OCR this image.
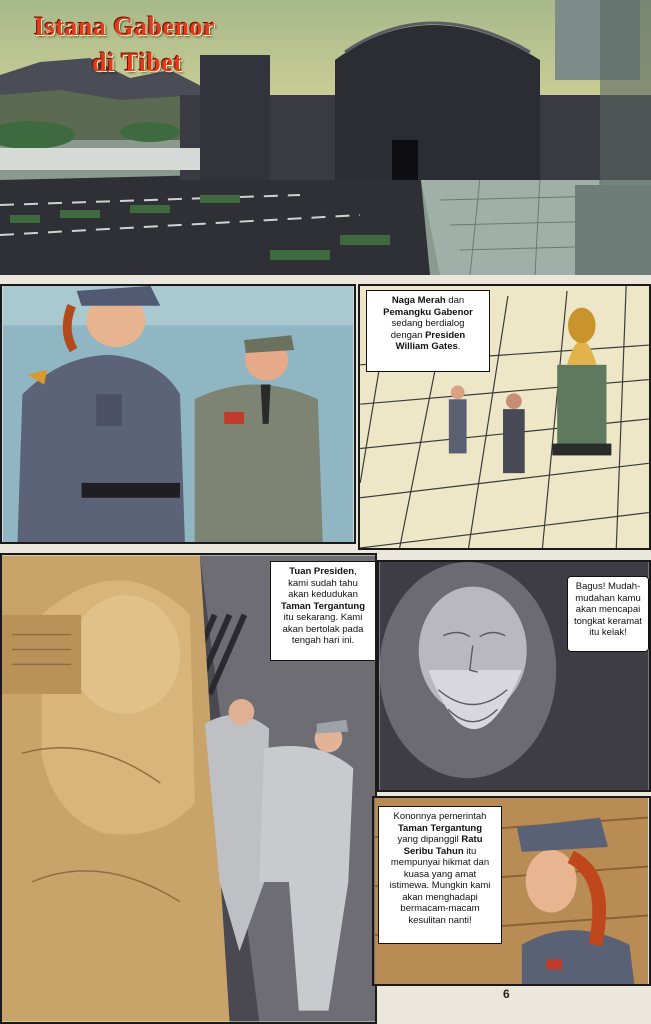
Istana Gabenor
di Tibet
Naga Merah dan
Pemangku Gabenor
sedang berdialog
dengan Presiden
William Gates.
Tuan Presiden,
kami sudah tahu
akan kedudukan
Taman Tergantung
itu sekarang. Kami
akan bertolak pada
tengah hari ini.
Bagus! Mudah-
mudahan kamu
akan mencapai
tongkat keramat
itu kelak!
Kononnya pemerintah
Taman Tergantung
yang dipanggil Ratu
Seribu Tahun itu
mempunyai hikmat dan
kuasa yang amat
istimewa. Mungkin kami
akan menghadapi
bermacam-macam
kesulitan nanti!
6
